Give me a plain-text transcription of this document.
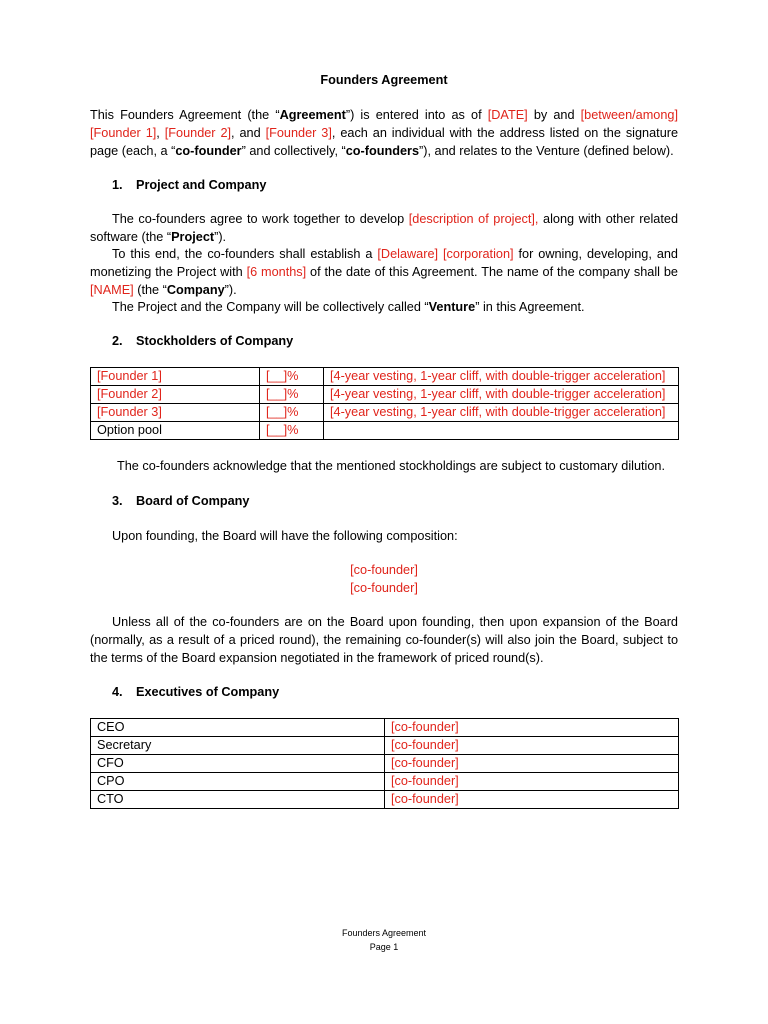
Founders Agreement
This Founders Agreement (the “Agreement”) is entered into as of [DATE] by and [between/among] [Founder 1], [Founder 2], and [Founder 3], each an individual with the address listed on the signature page (each, a “co-founder” and collectively, “co-founders”), and relates to the Venture (defined below).
1. Project and Company
The co-founders agree to work together to develop [description of project], along with other related software (the “Project”).
To this end, the co-founders shall establish a [Delaware] [corporation] for owning, developing, and monetizing the Project with [6 months] of the date of this Agreement. The name of the company shall be [NAME] (the “Company”).
The Project and the Company will be collectively called “Venture” in this Agreement.
2. Stockholders of Company
[Founder 1]	[__]%	[4-year vesting, 1-year cliff, with double-trigger acceleration]
[Founder 2]	[__]%	[4-year vesting, 1-year cliff, with double-trigger acceleration]
[Founder 3]	[__]%	[4-year vesting, 1-year cliff, with double-trigger acceleration]
Option pool	[__]%	
The co-founders acknowledge that the mentioned stockholdings are subject to customary dilution.
3. Board of Company
Upon founding, the Board will have the following composition:
[co-founder]
[co-founder]
Unless all of the co-founders are on the Board upon founding, then upon expansion of the Board (normally, as a result of a priced round), the remaining co-founder(s) will also join the Board, subject to the terms of the Board expansion negotiated in the framework of priced round(s).
4. Executives of Company
CEO	[co-founder]
Secretary	[co-founder]
CFO	[co-founder]
CPO	[co-founder]
CTO	[co-founder]
Founders Agreement
Page 1
